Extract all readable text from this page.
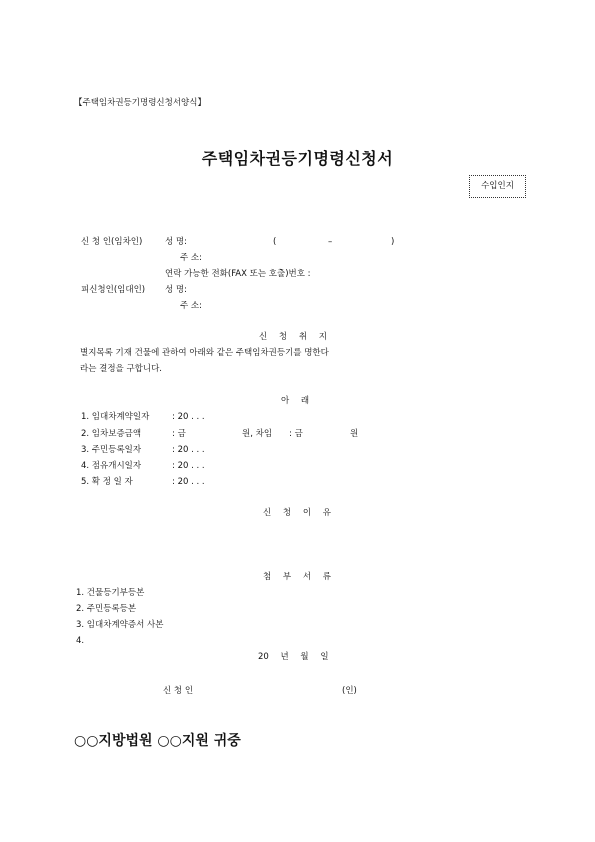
【주택임차권등기명령신청서양식】
주택임차권등기명령신청서
수입인지
신 청 인(임차인)	성 명:	(	–	)
주 소:
연락 가능한 전화(FAX 또는 호출)번호 :
피신청인(임대인) 성 명:
주 소:
신 청 취 지
별지목록 기재 건물에 관하여 아래와 같은 주택임차권등기를 명한다
라는 결정을 구합니다.
아 래
1. 임대차계약일자	: 20 . . .
2. 임차보증금액	: 금	원, 차임 : 금	원
3. 주민등록일자	: 20 . . .
4. 점유개시일자	: 20 . . .
5. 확 정 일 자	: 20 . . .
신 청 이 유
첨 부 서 류
1. 건물등기부등본
2. 주민등록등본
3. 임대차계약증서 사본
4.
20 년 월 일
신 청 인	(인)
○○지방법원 ○○지원 귀중
